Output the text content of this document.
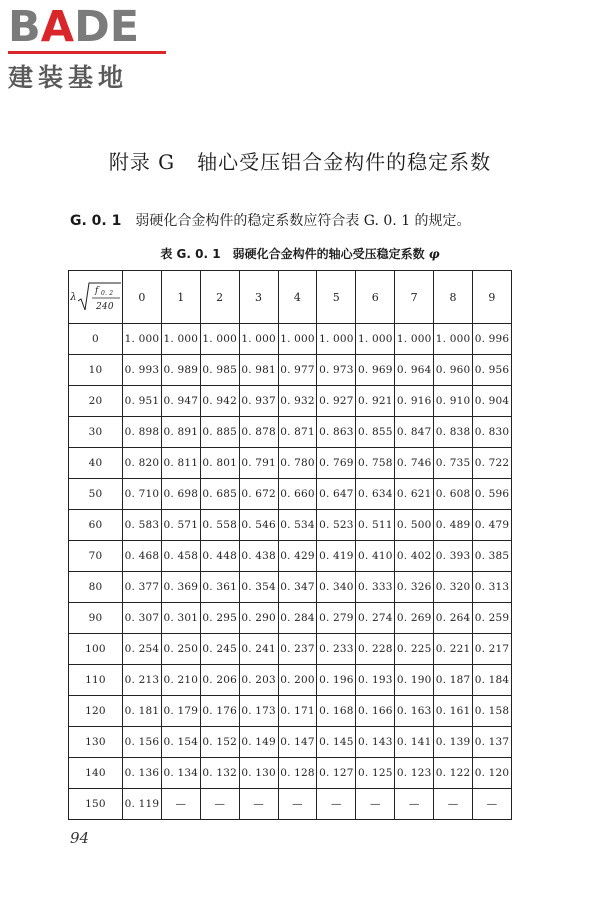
BADE
建装基地
附录 G 轴心受压铝合金构件的稳定系数
G. 0. 1 弱硬化合金构件的稳定系数应符合表 G. 0. 1 的规定。
表 G. 0. 1 弱硬化合金构件的轴心受压稳定系数 φ
λ
f 0. 2
240	0	1	2	3	4	5	6	7	8	9
0	1. 000	1. 000	1. 000	1. 000	1. 000	1. 000	1. 000	1. 000	1. 000	0. 996
10	0. 993	0. 989	0. 985	0. 981	0. 977	0. 973	0. 969	0. 964	0. 960	0. 956
20	0. 951	0. 947	0. 942	0. 937	0. 932	0. 927	0. 921	0. 916	0. 910	0. 904
30	0. 898	0. 891	0. 885	0. 878	0. 871	0. 863	0. 855	0. 847	0. 838	0. 830
40	0. 820	0. 811	0. 801	0. 791	0. 780	0. 769	0. 758	0. 746	0. 735	0. 722
50	0. 710	0. 698	0. 685	0. 672	0. 660	0. 647	0. 634	0. 621	0. 608	0. 596
60	0. 583	0. 571	0. 558	0. 546	0. 534	0. 523	0. 511	0. 500	0. 489	0. 479
70	0. 468	0. 458	0. 448	0. 438	0. 429	0. 419	0. 410	0. 402	0. 393	0. 385
80	0. 377	0. 369	0. 361	0. 354	0. 347	0. 340	0. 333	0. 326	0. 320	0. 313
90	0. 307	0. 301	0. 295	0. 290	0. 284	0. 279	0. 274	0. 269	0. 264	0. 259
100	0. 254	0. 250	0. 245	0. 241	0. 237	0. 233	0. 228	0. 225	0. 221	0. 217
110	0. 213	0. 210	0. 206	0. 203	0. 200	0. 196	0. 193	0. 190	0. 187	0. 184
120	0. 181	0. 179	0. 176	0. 173	0. 171	0. 168	0. 166	0. 163	0. 161	0. 158
130	0. 156	0. 154	0. 152	0. 149	0. 147	0. 145	0. 143	0. 141	0. 139	0. 137
140	0. 136	0. 134	0. 132	0. 130	0. 128	0. 127	0. 125	0. 123	0. 122	0. 120
150	0. 119	—	—	—	—	—	—	—	—	—
94
